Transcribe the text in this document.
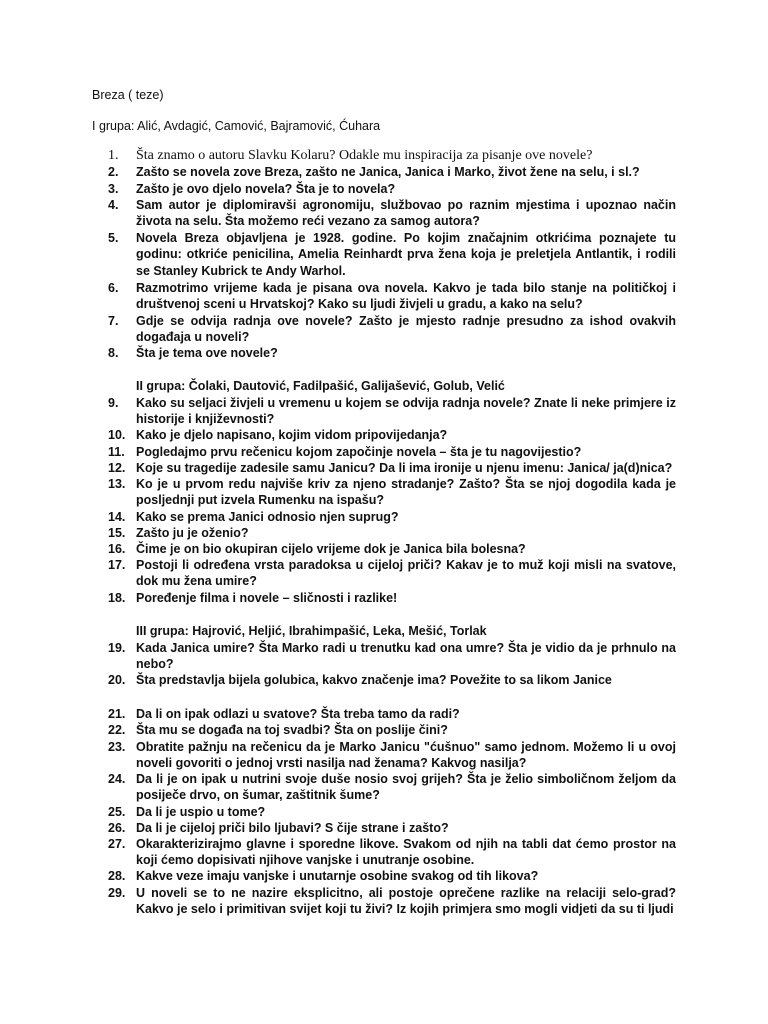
Breza ( teze)
I grupa: Alić, Avdagić, Camović, Bajramović, Ćuhara
1.	Šta znamo o autoru Slavku Kolaru? Odakle mu inspiracija za pisanje ove novele?
2.	Zašto se novela zove Breza, zašto ne Janica, Janica i Marko, život žene na selu, i sl.?
3.	Zašto je ovo djelo novela? Šta je to novela?
4.	Sam autor je diplomiravši agronomiju, službovao po raznim mjestima i upoznao način života na selu. Šta možemo reći vezano za samog autora?
5.	Novela Breza objavljena je 1928. godine. Po kojim značajnim otkrićima poznajete tu godinu: otkriće penicilina, Amelia Reinhardt prva žena koja je preletjela Antlantik, i rodili se Stanley Kubrick te Andy Warhol.
6.	Razmotrimo vrijeme kada je pisana ova novela. Kakvo je tada bilo stanje na političkoj i društvenoj sceni u Hrvatskoj? Kako su ljudi živjeli u gradu, a kako na selu?
7.	Gdje se odvija radnja ove novele? Zašto je mjesto radnje presudno za ishod ovakvih događaja u noveli?
8.	Šta je tema ove novele?
II grupa: Čolaki, Dautović, Fadilpašić, Galijašević, Golub, Velić
9.	Kako su seljaci živjeli u vremenu u kojem se odvija radnja novele? Znate li neke primjere iz historije i književnosti?
10. Kako je djelo napisano, kojim vidom pripovijedanja?
11. Pogledajmo prvu rečenicu kojom započinje novela – šta je tu nagovijestio?
12. Koje su tragedije zadesile samu Janicu? Da li ima ironije u njenu imenu: Janica/ ja(d)nica?
13. Ko je u prvom redu najviše kriv za njeno stradanje? Zašto? Šta se njoj dogodila kada je posljednji put izvela Rumenku na ispašu?
14. Kako se prema Janici odnosio njen suprug?
15. Zašto ju je oženio?
16. Čime je on bio okupiran cijelo vrijeme dok je Janica bila bolesna?
17. Postoji li određena vrsta paradoksa u cijeloj priči? Kakav je to muž koji misli na svatove, dok mu žena umire?
18. Poređenje filma i novele – sličnosti i razlike!
III grupa: Hajrović, Heljić, Ibrahimpašić, Leka, Mešić, Torlak
19. Kada Janica umire? Šta Marko radi u trenutku kad ona umre? Šta je vidio da je prhnulo na nebo?
20. Šta predstavlja bijela golubica, kakvo značenje ima? Povežite to sa likom Janice
21. Da li on ipak odlazi u svatove? Šta treba tamo da radi?
22. Šta mu se događa na toj svadbi? Šta on poslije čini?
23. Obratite pažnju na rečenicu da je Marko Janicu "ćušnuo" samo jednom. Možemo li u ovoj noveli govoriti o jednoj vrsti nasilja nad ženama? Kakvog nasilja?
24. Da li je on ipak u nutrini svoje duše nosio svoj grijeh? Šta je želio simboličnom željom da posiječe drvo, on šumar, zaštitnik šume?
25. Da li je uspio u tome?
26. Da li je cijeloj priči bilo ljubavi? S čije strane i zašto?
27. Okarakterizirajmo glavne i sporedne likove. Svakom od njih na tabli dat ćemo prostor na koji ćemo dopisivati njihove vanjske i unutranje osobine.
28. Kakve veze imaju vanjske i unutarnje osobine svakog od tih likova?
29. U noveli se to ne nazire eksplicitno, ali postoje oprečene razlike na relaciji selo-grad? Kakvo je selo i primitivan svijet koji tu živi? Iz kojih primjera smo mogli vidjeti da su ti ljudi
